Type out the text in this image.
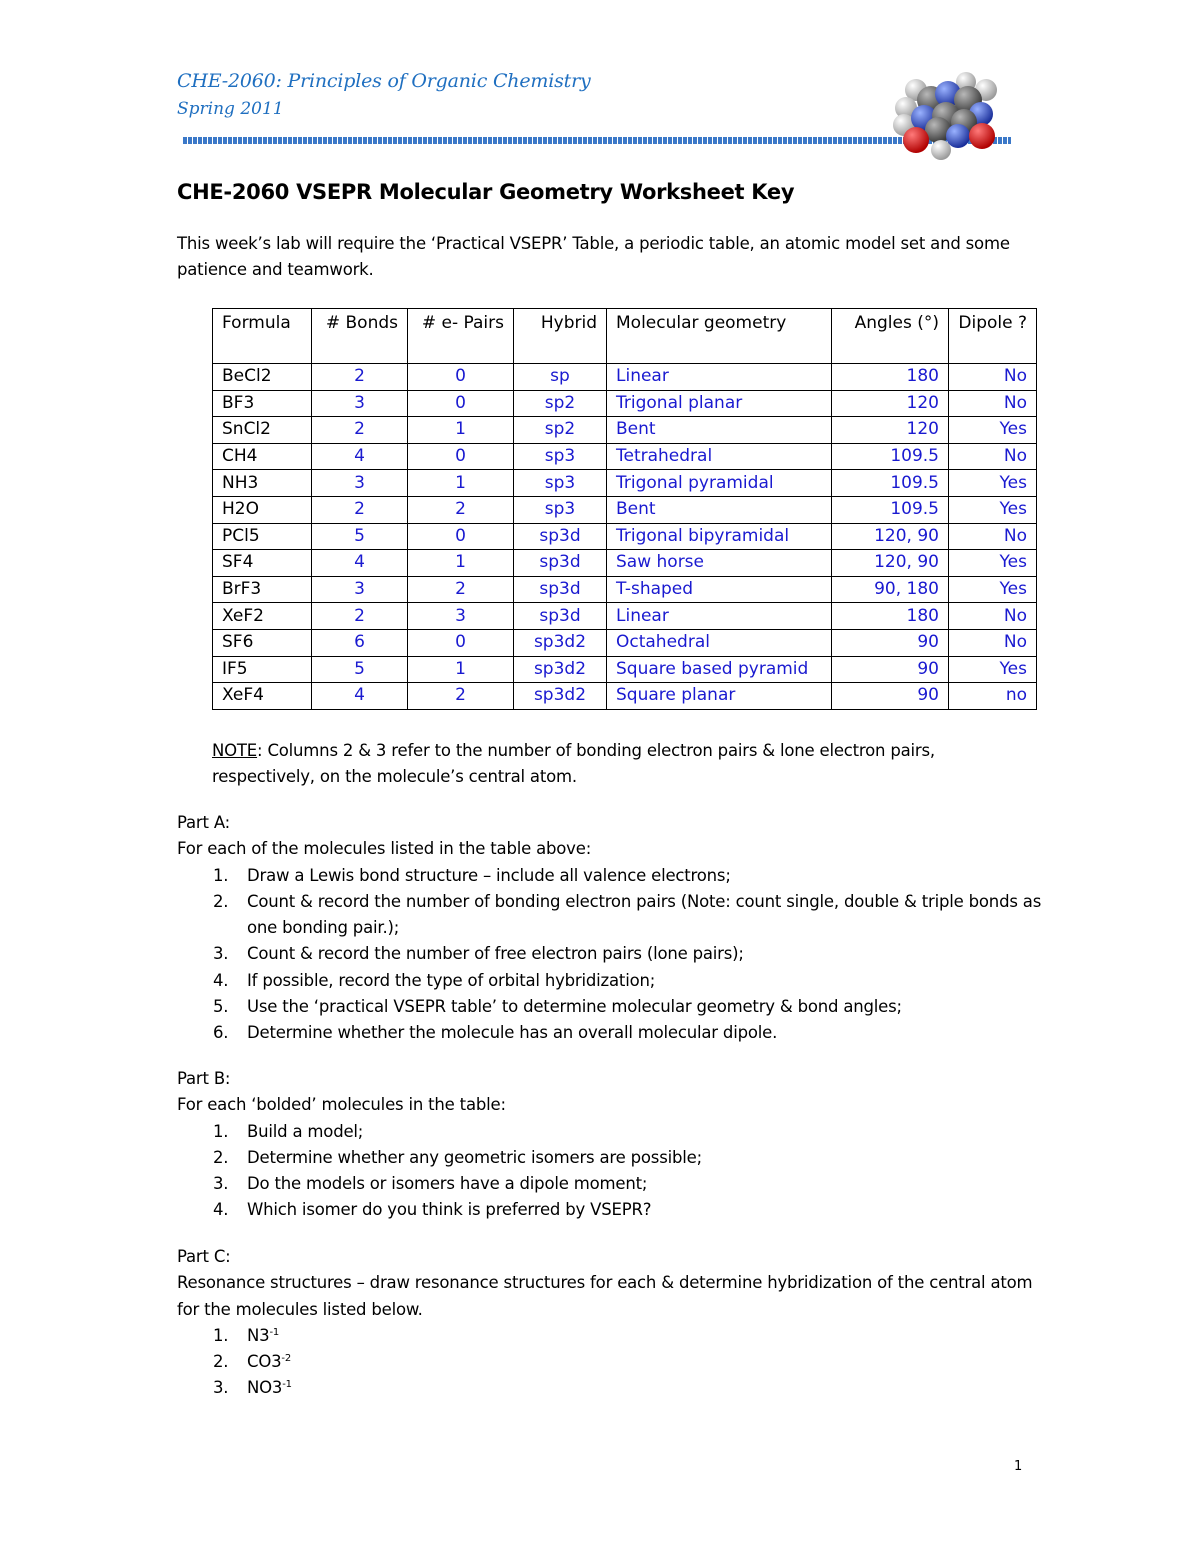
CHE-2060: Principles of Organic Chemistry
Spring 2011
CHE-2060 VSEPR Molecular Geometry Worksheet Key
This week’s lab will require the ‘Practical VSEPR’ Table, a periodic table, an atomic model set and some patience and teamwork.
Formula	# Bonds	# e- Pairs	Hybrid	Molecular geometry	Angles (°)	Dipole ?
BeCl2	2	0	sp	Linear	180	No
BF3	3	0	sp2	Trigonal planar	120	No
SnCl2	2	1	sp2	Bent	120	Yes
CH4	4	0	sp3	Tetrahedral	109.5	No
NH3	3	1	sp3	Trigonal pyramidal	109.5	Yes
H2O	2	2	sp3	Bent	109.5	Yes
PCl5	5	0	sp3d	Trigonal bipyramidal	120, 90	No
SF4	4	1	sp3d	Saw horse	120, 90	Yes
BrF3	3	2	sp3d	T-shaped	90, 180	Yes
XeF2	2	3	sp3d	Linear	180	No
SF6	6	0	sp3d2	Octahedral	90	No
IF5	5	1	sp3d2	Square based pyramid	90	Yes
XeF4	4	2	sp3d2	Square planar	90	no
NOTE: Columns 2 & 3 refer to the number of bonding electron pairs & lone electron pairs, respectively, on the molecule’s central atom.
Part A:
For each of the molecules listed in the table above:
1. Draw a Lewis bond structure – include all valence electrons;
2. Count & record the number of bonding electron pairs (Note: count single, double & triple bonds as one bonding pair.);
3. Count & record the number of free electron pairs (lone pairs);
4. If possible, record the type of orbital hybridization;
5. Use the ‘practical VSEPR table’ to determine molecular geometry & bond angles;
6. Determine whether the molecule has an overall molecular dipole.
Part B:
For each ‘bolded’ molecules in the table:
1. Build a model;
2. Determine whether any geometric isomers are possible;
3. Do the models or isomers have a dipole moment;
4. Which isomer do you think is preferred by VSEPR?
Part C:
Resonance structures – draw resonance structures for each & determine hybridization of the central atom for the molecules listed below.
1. $N3^{-1}$
2. $CO3^{-2}$
3. $NO3^{-1}$
1
